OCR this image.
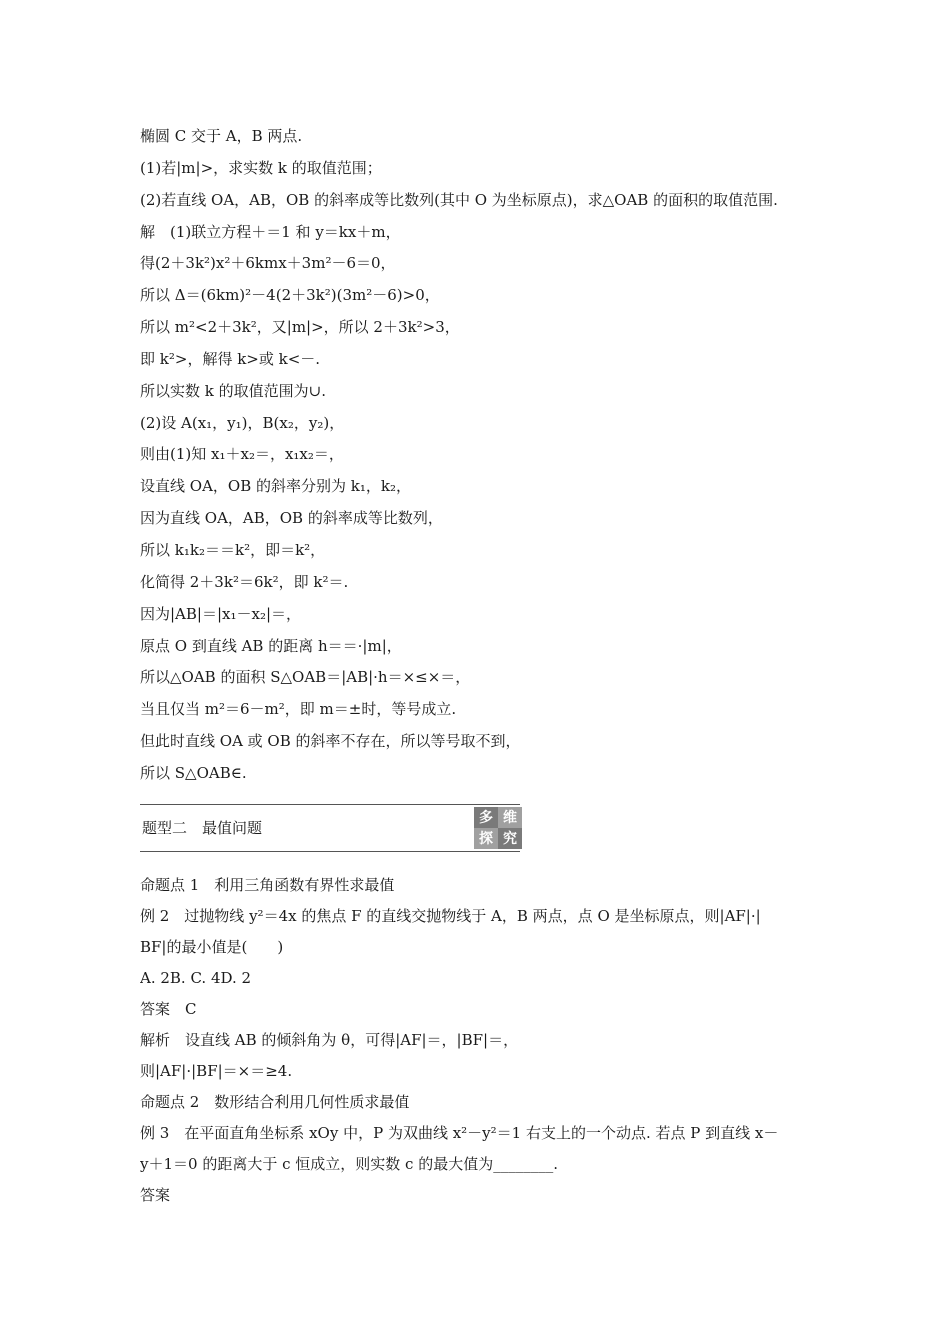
椭圆 C 交于 A，B 两点.
(1)若|m|>，求实数 k 的取值范围；
(2)若直线 OA，AB，OB 的斜率成等比数列(其中 O 为坐标原点)，求△OAB 的面积的取值范围.
解　(1)联立方程＋＝1 和 y＝kx＋m，
得(2＋3k²)x²＋6kmx＋3m²－6＝0，
所以 Δ＝(6km)²－4(2＋3k²)(3m²－6)>0，
所以 m²<2＋3k²，又|m|>，所以 2＋3k²>3，
即 k²>，解得 k>或 k<－.
所以实数 k 的取值范围为∪.
(2)设 A(x₁，y₁)，B(x₂，y₂)，
则由(1)知 x₁＋x₂＝，x₁x₂＝，
设直线 OA，OB 的斜率分别为 k₁，k₂，
因为直线 OA，AB，OB 的斜率成等比数列，
所以 k₁k₂＝＝k²，即＝k²，
化简得 2＋3k²＝6k²，即 k²＝.
因为|AB|＝|x₁－x₂|＝，
原点 O 到直线 AB 的距离 h＝＝·|m|，
所以△OAB 的面积 S△OAB＝|AB|·h＝×≤×＝，
当且仅当 m²＝6－m²，即 m＝±时，等号成立.
但此时直线 OA 或 OB 的斜率不存在，所以等号取不到，
所以 S△OAB∈.
题型二　最值问题
多 维
探 究
命题点 1　利用三角函数有界性求最值
例 2　过抛物线 y²＝4x 的焦点 F 的直线交抛物线于 A，B 两点，点 O 是坐标原点，则|AF|·|
BF|的最小值是(　　)
A. 2B. C. 4D. 2
答案　C
解析　设直线 AB 的倾斜角为 θ，可得|AF|＝，|BF|＝，
则|AF|·|BF|＝×＝≥4.
命题点 2　数形结合利用几何性质求最值
例 3　在平面直角坐标系 xOy 中，P 为双曲线 x²－y²＝1 右支上的一个动点. 若点 P 到直线 x－
y＋1＝0 的距离大于 c 恒成立，则实数 c 的最大值为________.
答案
